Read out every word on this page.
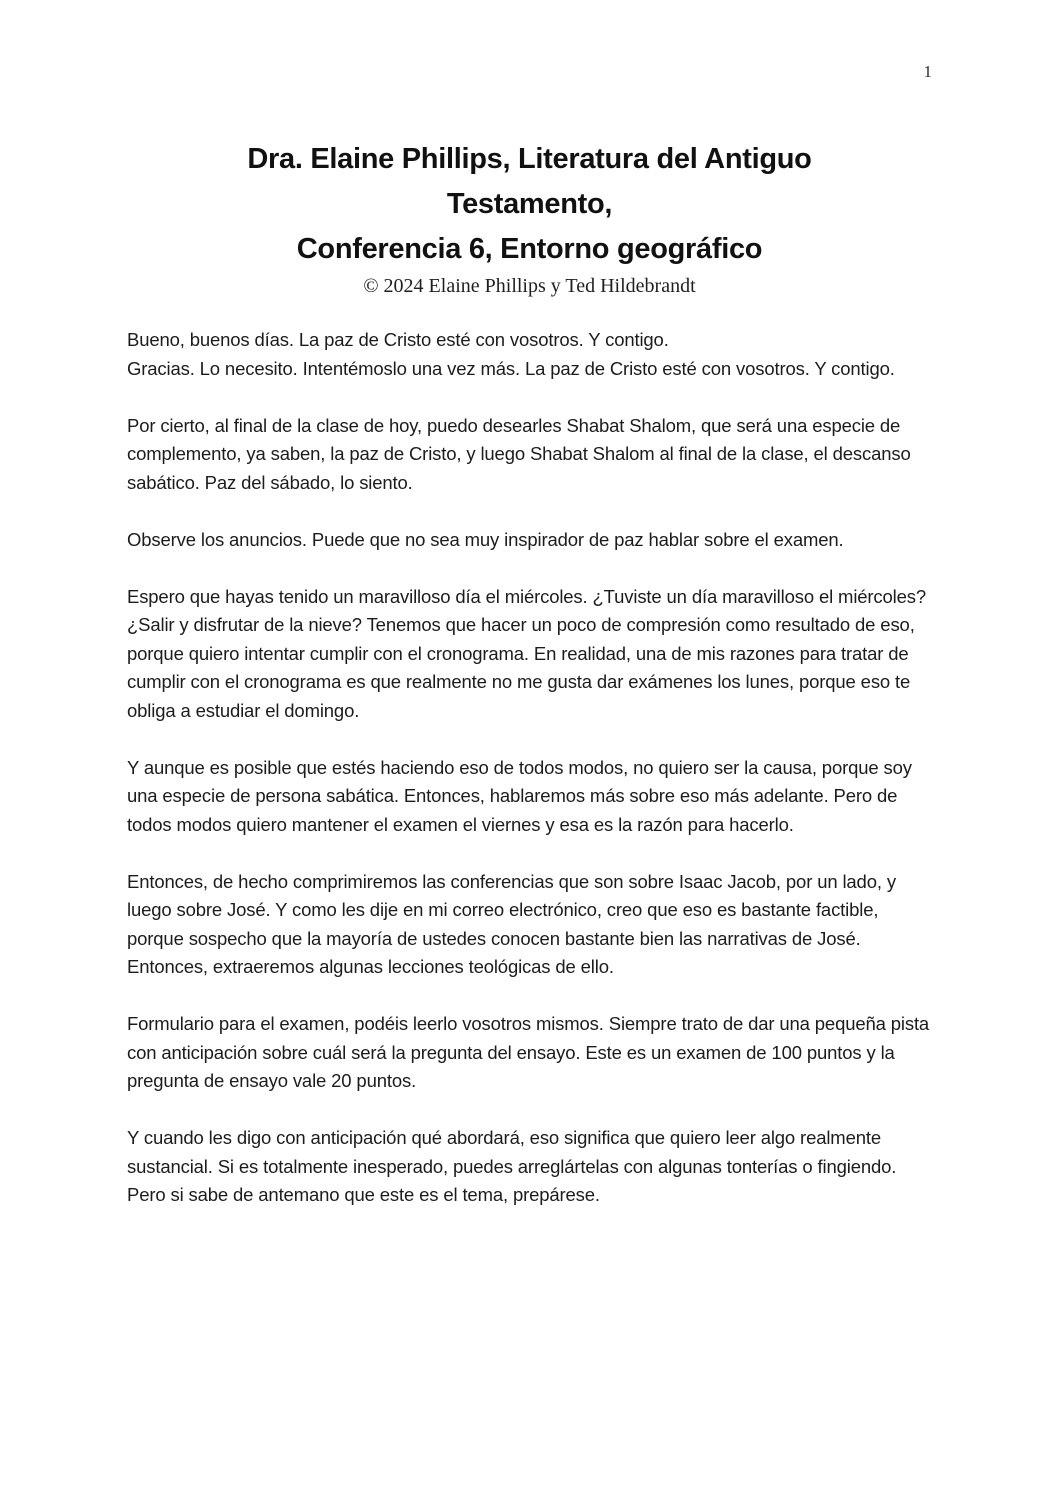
1
Dra. Elaine Phillips, Literatura del Antiguo
Testamento,
Conferencia 6, Entorno geográfico
© 2024 Elaine Phillips y Ted Hildebrandt

Bueno, buenos días. La paz de Cristo esté con vosotros. Y contigo.

Gracias. Lo necesito. Intentémoslo una vez más. La paz de Cristo esté con vosotros. Y contigo.

Por cierto, al final de la clase de hoy, puedo desearles Shabat Shalom, que será una especie de complemento, ya saben, la paz de Cristo, y luego Shabat Shalom al final de la clase, el descanso sabático. Paz del sábado, lo siento.

Observe los anuncios. Puede que no sea muy inspirador de paz hablar sobre el examen.

Espero que hayas tenido un maravilloso día el miércoles. ¿Tuviste un día maravilloso el miércoles? ¿Salir y disfrutar de la nieve? Tenemos que hacer un poco de compresión como resultado de eso, porque quiero intentar cumplir con el cronograma. En realidad, una de mis razones para tratar de cumplir con el cronograma es que realmente no me gusta dar exámenes los lunes, porque eso te obliga a estudiar el domingo.

Y aunque es posible que estés haciendo eso de todos modos, no quiero ser la causa, porque soy una especie de persona sabática. Entonces, hablaremos más sobre eso más adelante. Pero de todos modos quiero mantener el examen el viernes y esa es la razón para hacerlo.

Entonces, de hecho comprimiremos las conferencias que son sobre Isaac Jacob, por un lado, y luego sobre José. Y como les dije en mi correo electrónico, creo que eso es bastante factible, porque sospecho que la mayoría de ustedes conocen bastante bien las narrativas de José. Entonces, extraeremos algunas lecciones teológicas de ello.

Formulario para el examen, podéis leerlo vosotros mismos. Siempre trato de dar una pequeña pista con anticipación sobre cuál será la pregunta del ensayo. Este es un examen de 100 puntos y la pregunta de ensayo vale 20 puntos.

Y cuando les digo con anticipación qué abordará, eso significa que quiero leer algo realmente sustancial. Si es totalmente inesperado, puedes arreglártelas con algunas tonterías o fingiendo. Pero si sabe de antemano que este es el tema, prepárese.
